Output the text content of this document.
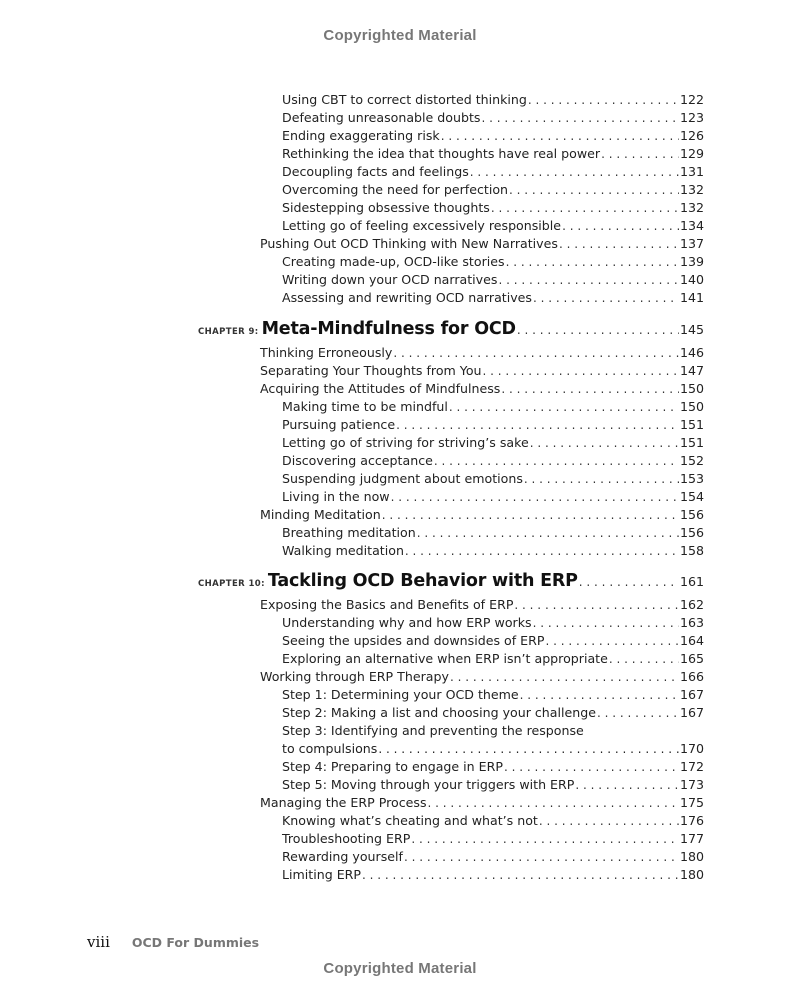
Copyrighted Material
Using CBT to correct distorted thinking . . .	122
Defeating unreasonable doubts . . .	123
Ending exaggerating risk . . .	126
Rethinking the idea that thoughts have real power . . .	129
Decoupling facts and feelings . . .	131
Overcoming the need for perfection . . .	132
Sidestepping obsessive thoughts . . .	132
Letting go of feeling excessively responsible . . .	134
Pushing Out OCD Thinking with New Narratives . . .	137
Creating made-up, OCD-like stories . . .	139
Writing down your OCD narratives . . .	140
Assessing and rewriting OCD narratives . . .	141
CHAPTER 9: Meta-Mindfulness for OCD . . .	145
Thinking Erroneously . . .	146
Separating Your Thoughts from You . . .	147
Acquiring the Attitudes of Mindfulness . . .	150
Making time to be mindful . . .	150
Pursuing patience . . .	151
Letting go of striving for striving’s sake . . .	151
Discovering acceptance . . .	152
Suspending judgment about emotions . . .	153
Living in the now . . .	154
Minding Meditation . . .	156
Breathing meditation . . .	156
Walking meditation . . .	158
CHAPTER 10: Tackling OCD Behavior with ERP . . .	161
Exposing the Basics and Benefits of ERP . . .	162
Understanding why and how ERP works . . .	163
Seeing the upsides and downsides of ERP . . .	164
Exploring an alternative when ERP isn’t appropriate . . .	165
Working through ERP Therapy . . .	166
Step 1: Determining your OCD theme . . .	167
Step 2: Making a list and choosing your challenge . . .	167
Step 3: Identifying and preventing the response
to compulsions . . .	170
Step 4: Preparing to engage in ERP . . .	172
Step 5: Moving through your triggers with ERP . . .	173
Managing the ERP Process . . .	175
Knowing what’s cheating and what’s not . . .	176
Troubleshooting ERP . . .	177
Rewarding yourself . . .	180
Limiting ERP . . .	180
viii OCD For Dummies
Copyrighted Material
